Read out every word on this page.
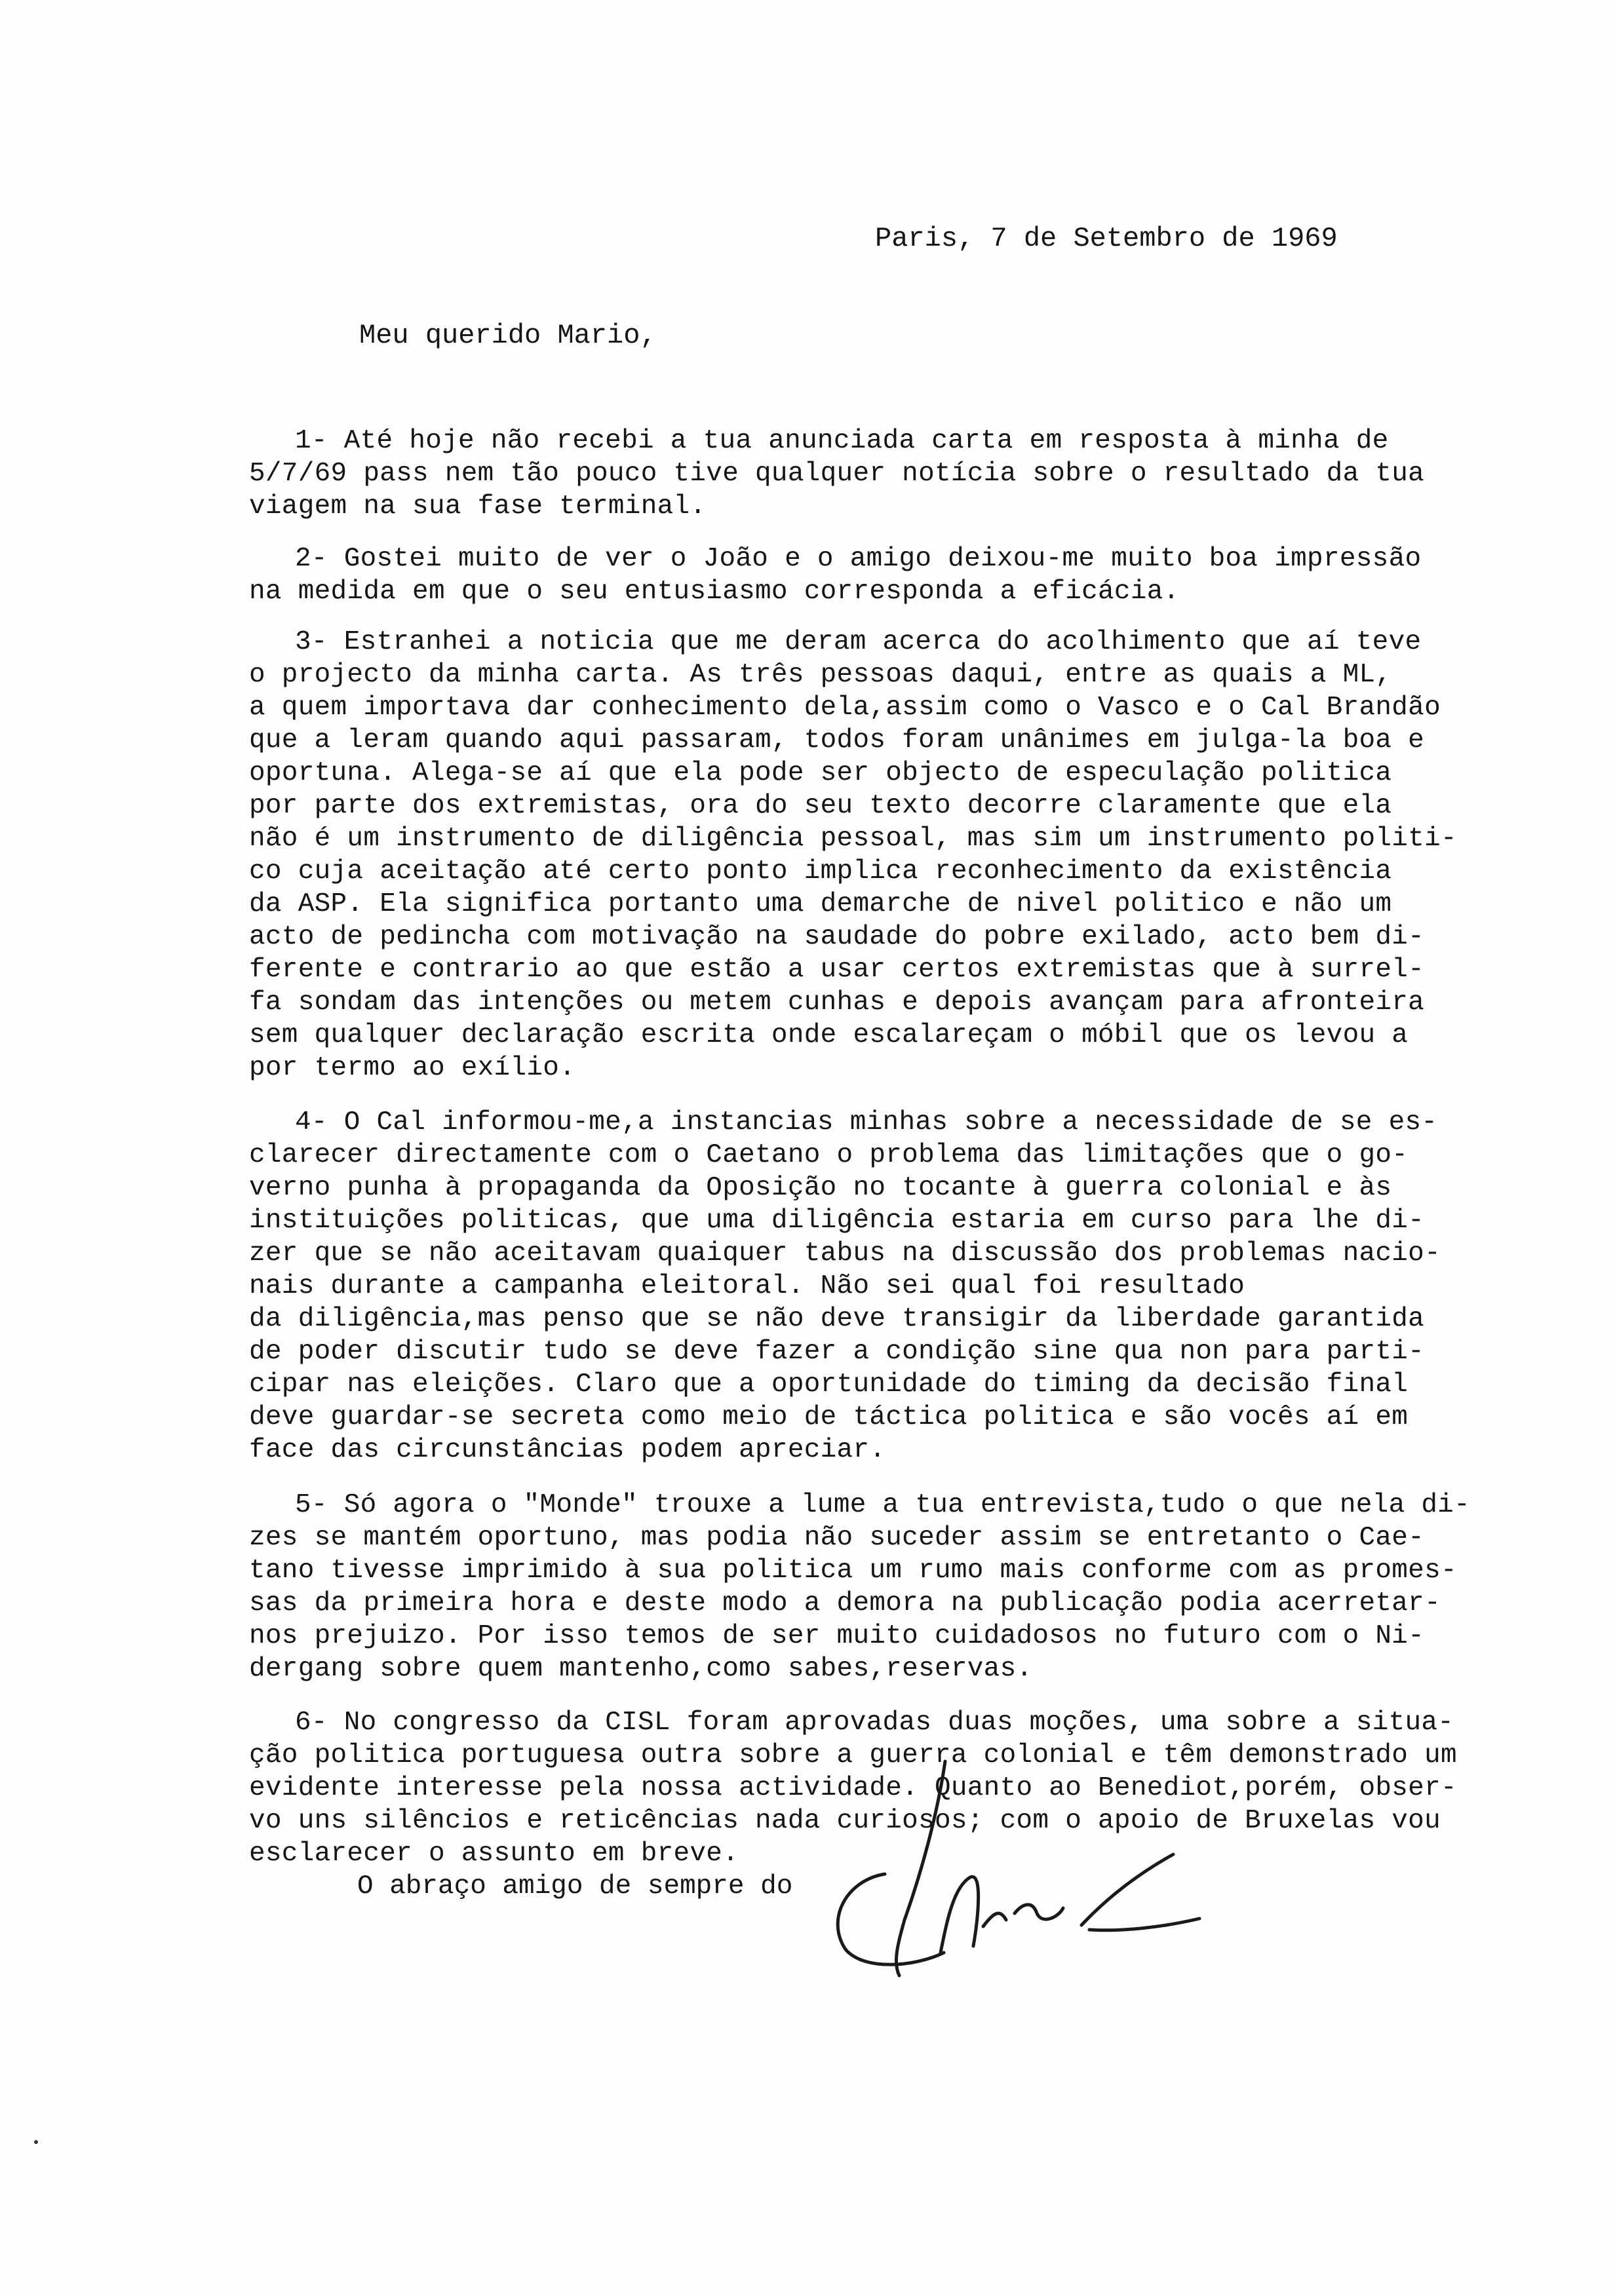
Paris, 7 de Setembro de 1969
Meu querido Mario,
1- Até hoje não recebi a tua anunciada carta em resposta à minha de
5/7/69 pass nem tão pouco tive qualquer notícia sobre o resultado da tua
viagem na sua fase terminal.
2- Gostei muito de ver o João e o amigo deixou-me muito boa impressão
na medida em que o seu entusiasmo corresponda a eficácia.
3- Estranhei a noticia que me deram acerca do acolhimento que aí teve
o projecto da minha carta. As três pessoas daqui, entre as quais a ML,
a quem importava dar conhecimento dela,assim como o Vasco e o Cal Brandão
que a leram quando aqui passaram, todos foram unânimes em julga-la boa e
oportuna. Alega-se aí que ela pode ser objecto de especulação politica
por parte dos extremistas, ora do seu texto decorre claramente que ela
não é um instrumento de diligência pessoal, mas sim um instrumento politi-
co cuja aceitação até certo ponto implica reconhecimento da existência
da ASP. Ela significa portanto uma demarche de nivel politico e não um
acto de pedincha com motivação na saudade do pobre exilado, acto bem di-
ferente e contrario ao que estão a usar certos extremistas que à surrel-
fa sondam das intenções ou metem cunhas e depois avançam para afronteira
sem qualquer declaração escrita onde escalareçam o móbil que os levou a
por termo ao exílio.
4- O Cal informou-me,a instancias minhas sobre a necessidade de se es-
clarecer directamente com o Caetano o problema das limitações que o go-
verno punha à propaganda da Oposição no tocante à guerra colonial e às
instituições politicas, que uma diligência estaria em curso para lhe di-
zer que se não aceitavam quaiquer tabus na discussão dos problemas nacio-
nais durante a campanha eleitoral. Não sei qual foi resultado
da diligência,mas penso que se não deve transigir da liberdade garantida
de poder discutir tudo se deve fazer a condição sine qua non para parti-
cipar nas eleições. Claro que a oportunidade do timing da decisão final
deve guardar-se secreta como meio de táctica politica e são vocês aí em
face das circunstâncias podem apreciar.
5- Só agora o "Monde" trouxe a lume a tua entrevista,tudo o que nela di-
zes se mantém oportuno, mas podia não suceder assim se entretanto o Cae-
tano tivesse imprimido à sua politica um rumo mais conforme com as promes-
sas da primeira hora e deste modo a demora na publicação podia acerretar-
nos prejuizo. Por isso temos de ser muito cuidadosos no futuro com o Ni-
dergang sobre quem mantenho,como sabes,reservas.
6- No congresso da CISL foram aprovadas duas moções, uma sobre a situa-
ção politica portuguesa outra sobre a guerra colonial e têm demonstrado um
evidente interesse pela nossa actividade. Quanto ao Benediot,porém, obser-
vo uns silêncios e reticências nada curiosos; com o apoio de Bruxelas vou
esclarecer o assunto em breve.
O abraço amigo de sempre do
